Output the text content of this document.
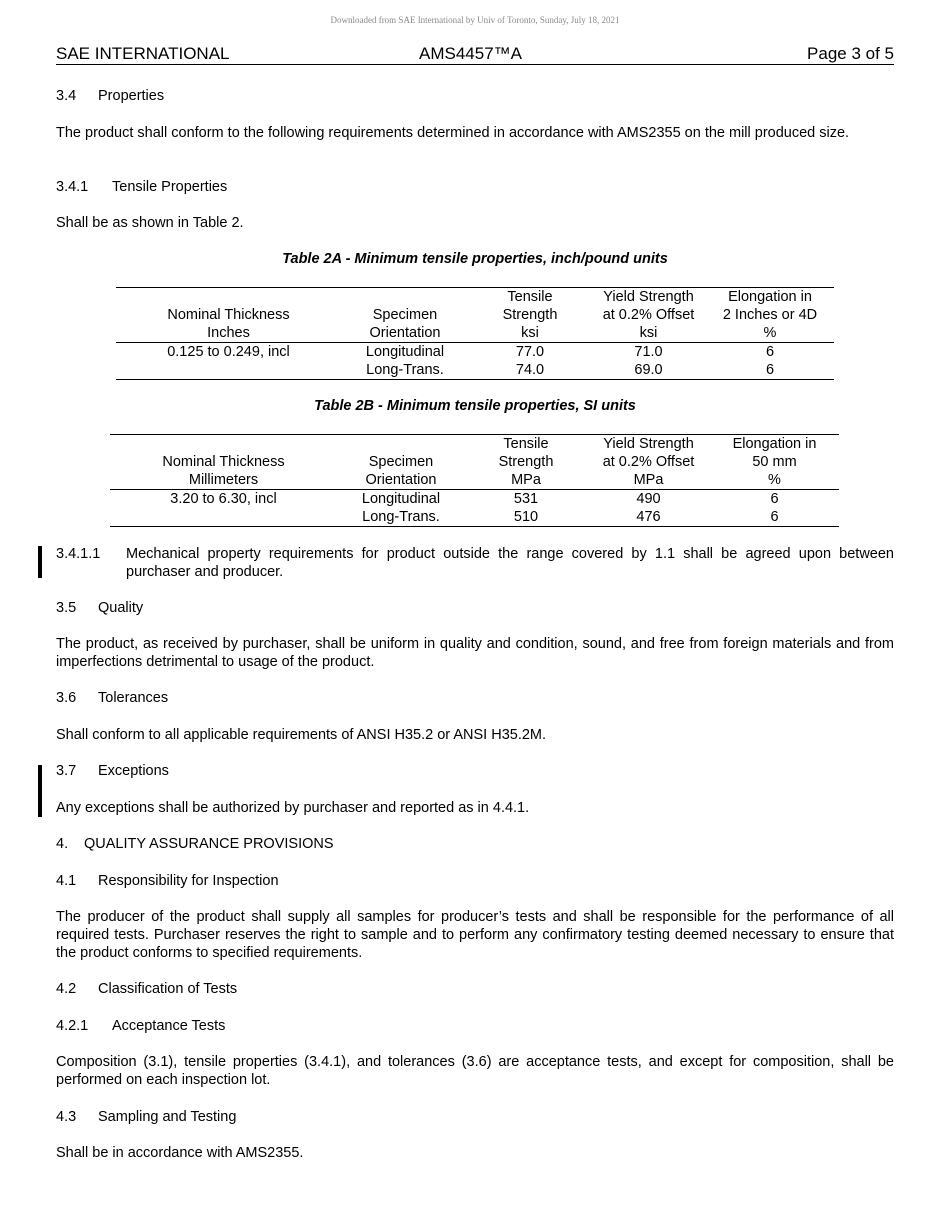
Downloaded from SAE International by Univ of Toronto, Sunday, July 18, 2021
SAE INTERNATIONAL	AMS4457™A	Page 3 of 5
3.4 Properties
The product shall conform to the following requirements determined in accordance with AMS2355 on the mill produced size.
3.4.1 Tensile Properties
Shall be as shown in Table 2.
Table 2A - Minimum tensile properties, inch/pound units
		Tensile	Yield Strength	Elongation in
Nominal Thickness	Specimen	Strength	at 0.2% Offset	2 Inches or 4D
Inches	Orientation	ksi	ksi	%
0.125 to 0.249, incl	Longitudinal	77.0	71.0	6
	Long-Trans.	74.0	69.0	6
Table 2B - Minimum tensile properties, SI units
		Tensile	Yield Strength	Elongation in
Nominal Thickness	Specimen	Strength	at 0.2% Offset	50 mm
Millimeters	Orientation	MPa	MPa	%
3.20 to 6.30, incl	Longitudinal	531	490	6
	Long-Trans.	510	476	6
3.4.1.1	Mechanical property requirements for product outside the range covered by 1.1 shall be agreed upon between purchaser and producer.
3.5 Quality
The product, as received by purchaser, shall be uniform in quality and condition, sound, and free from foreign materials and from imperfections detrimental to usage of the product.
3.6 Tolerances
Shall conform to all applicable requirements of ANSI H35.2 or ANSI H35.2M.
3.7 Exceptions
Any exceptions shall be authorized by purchaser and reported as in 4.4.1.
4. QUALITY ASSURANCE PROVISIONS
4.1 Responsibility for Inspection
The producer of the product shall supply all samples for producer’s tests and shall be responsible for the performance of all required tests. Purchaser reserves the right to sample and to perform any confirmatory testing deemed necessary to ensure that the product conforms to specified requirements.
4.2 Classification of Tests
4.2.1 Acceptance Tests
Composition (3.1), tensile properties (3.4.1), and tolerances (3.6) are acceptance tests, and except for composition, shall be performed on each inspection lot.
4.3 Sampling and Testing
Shall be in accordance with AMS2355.
